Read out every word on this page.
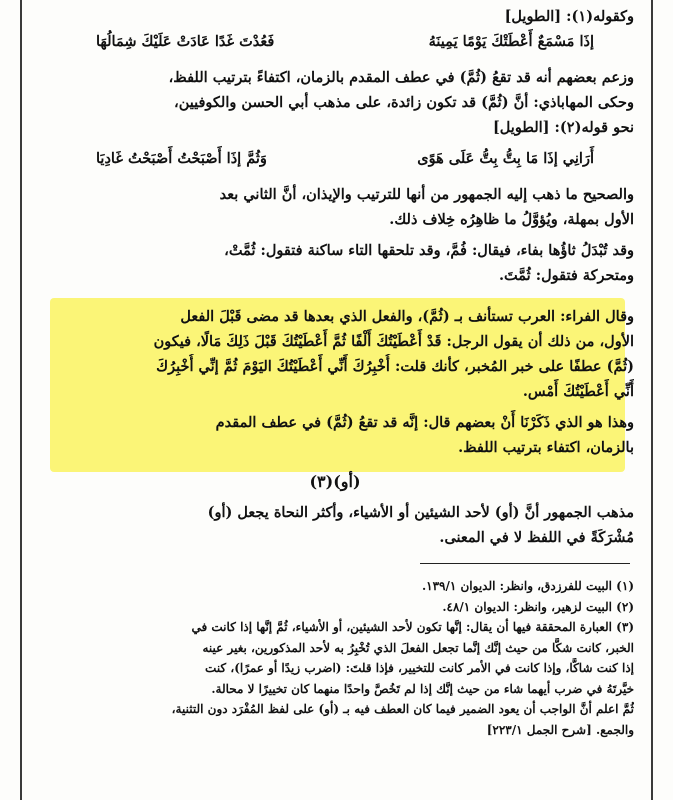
وكقوله(١): [الطويل]

إذَا مَسْمَعٌ أَعْطَتْكَ يَوْمًا يَمِينَهُ
فَعُدْتَ غَدًا عَادَتْ عَلَيْكَ شِمَالُهَا

وزعم بعضهم أنه قد تقعُ (ثُمَّ) في عطف المقدم بالزمان، اكتفاءً بترتيب اللفظ،

وحكى المهاباذي: أنَّ (ثُمَّ) قد تكون زائدة، على مذهب أبي الحسن والكوفيين،

نحو قوله(٢): [الطويل]

أَرَانِي إذَا مَا بِتُّ بِتُّ عَلَى هَوًى
وَثُمَّ إذَا أَصْبَحْتُ أَصْبَحْتُ غَادِيَا

والصحيح ما ذهب إليه الجمهور من أنها للترتيب والإيذان، أنَّ الثاني بعد

الأول بمهلة، ويُؤوَّلُ ما ظاهِرُه خِلاف ذلك.

وقد تُبْدَلُ ثاؤُها بفاء، فيقال: فُمَّ، وقد تلحقها التاء ساكنة فتقول: ثُمَّتْ،

ومتحركة فتقول: ثُمَّتَ.

وقال الفراء: العرب تستأنف بـ (ثُمَّ)، والفعل الذي بعدها قد مضى قَبْلَ الفعل

الأول، من ذلك أن يقول الرجل: قَدْ أَعْطَيْتُكَ أَلْفًا ثُمَّ أَعْطَيْتُكَ قَبْلَ ذَلِكَ مَالًا، فيكون

(ثُمَّ) عطفًا على خبر المُخبر، كأنك قلت: أُخْبِرُكَ أَنِّي أَعْطَيْتُكَ اليَوْمَ ثُمَّ إنِّي أُخْبِرُكَ

أَنِّي أَعْطَيْتُكَ أَمْس.

وهذا هو الذي ذَكَرْنَا أَنْ بعضهم قال: إنَّه قد تقعُ (ثُمَّ) في عطف المقدم

بالزمان، اكتفاء بترتيب اللفظ.

(أو)(٣)

مذهب الجمهور أنَّ (أو) لأحد الشيئين أو الأشياء، وأكثر النحاة يجعل (أو)

مُشْرَكَةً في اللفظ لا في المعنى.

(١) البيت للفرزدق، وانظر: الديوان ١٣٩/١.

(٢) البيت لزهير، وانظر: الديوان ٤٨/١.

(٣) العبارة المحققة فيها أن يقال: إنَّها تكون لأحد الشيئين، أو الأشياء، ثُمَّ إنَّها إذا كانت في

الخبر، كانت شكًّا من حيث إنَّك إنَّما تجعل الفعلَ الذي تُخْبِرُ به لأحد المذكورين، بغير عينه

إذا كنت شاكًّا، وإذا كانت في الأمر كانت للتخيير، فإذا قلتَ: (اضرب زيدًا أو عمرًا)، كنت

خيَّرتَهُ في ضرب أيهما شاء من حيث إنَّك إذا لم تَخُصَّ واحدًا منهما كان تخييرًا لا محالة.

ثُمَّ اعلم أنَّ الواجب أن يعود الضمير فيما كان العطف فيه بـ (أو) على لفظ المُفْرَد دون التثنية،

والجمع. [شرح الجمل ٢٢٣/١]
